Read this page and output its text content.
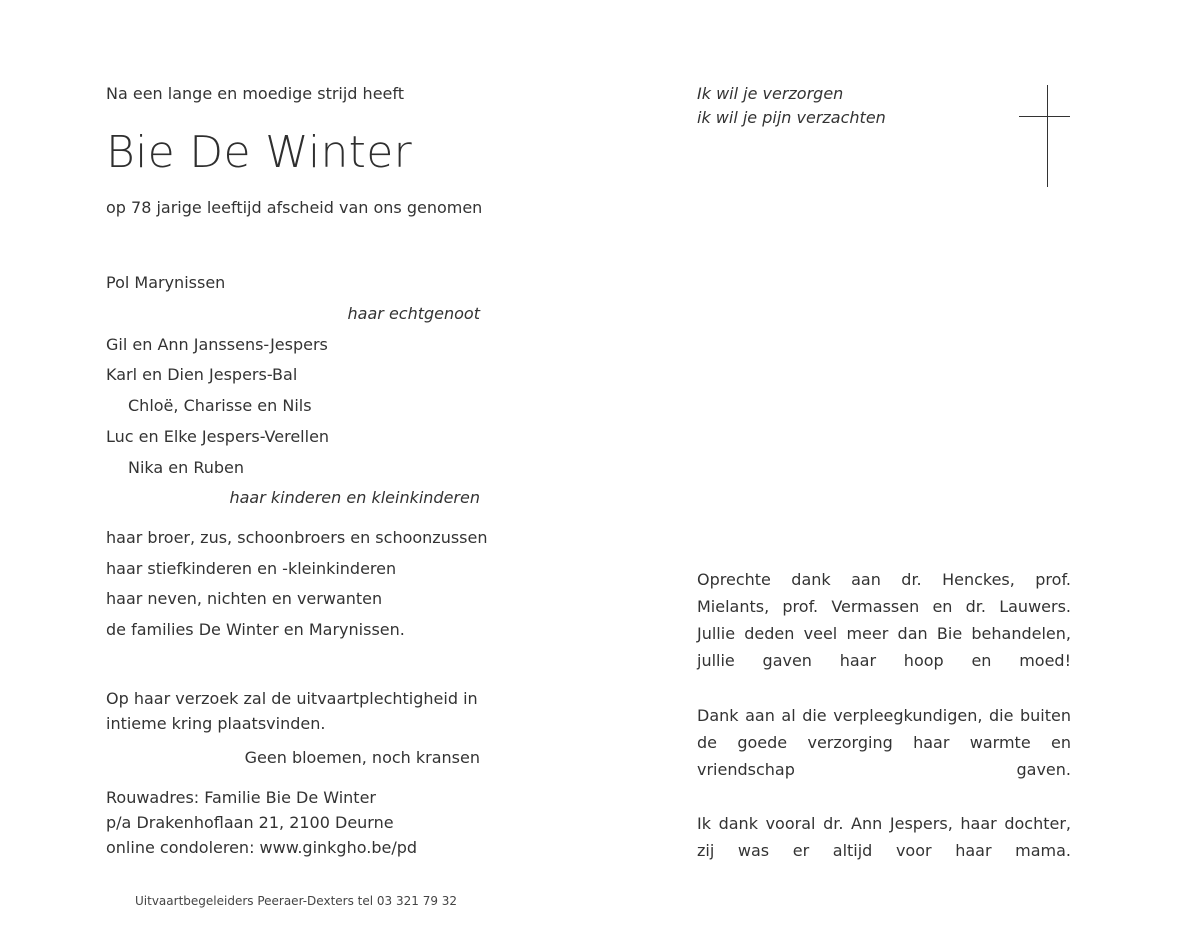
Na een lange en moedige strijd heeft
Bie De Winter
op 78 jarige leeftijd afscheid van ons genomen
Pol Marynissen
haar echtgenoot
Gil en Ann Janssens-Jespers
Karl en Dien Jespers-Bal
Chloë, Charisse en Nils
Luc en Elke Jespers-Verellen
Nika en Ruben
haar kinderen en kleinkinderen
haar broer, zus, schoonbroers en schoonzussen
haar stiefkinderen en -kleinkinderen
haar neven, nichten en verwanten
de families De Winter en Marynissen.
Op haar verzoek zal de uitvaartplechtigheid in
intieme kring plaatsvinden.
Geen bloemen, noch kransen
Rouwadres: Familie Bie De Winter
p/a Drakenhoflaan 21, 2100 Deurne
online condoleren: www.ginkgho.be/pd
Uitvaartbegeleiders Peeraer-Dexters tel 03 321 79 32
Ik wil je verzorgen
ik wil je pijn verzachten
Oprechte dank aan dr. Henckes, prof. Mielants, prof. Vermassen en dr. Lauwers. Jullie deden veel meer dan Bie behandelen, jullie gaven haar hoop en moed!
Dank aan al die verpleegkundigen, die buiten de goede verzorging haar warmte en vriendschap gaven.
Ik dank vooral dr. Ann Jespers, haar dochter, zij was er altijd voor haar mama.
